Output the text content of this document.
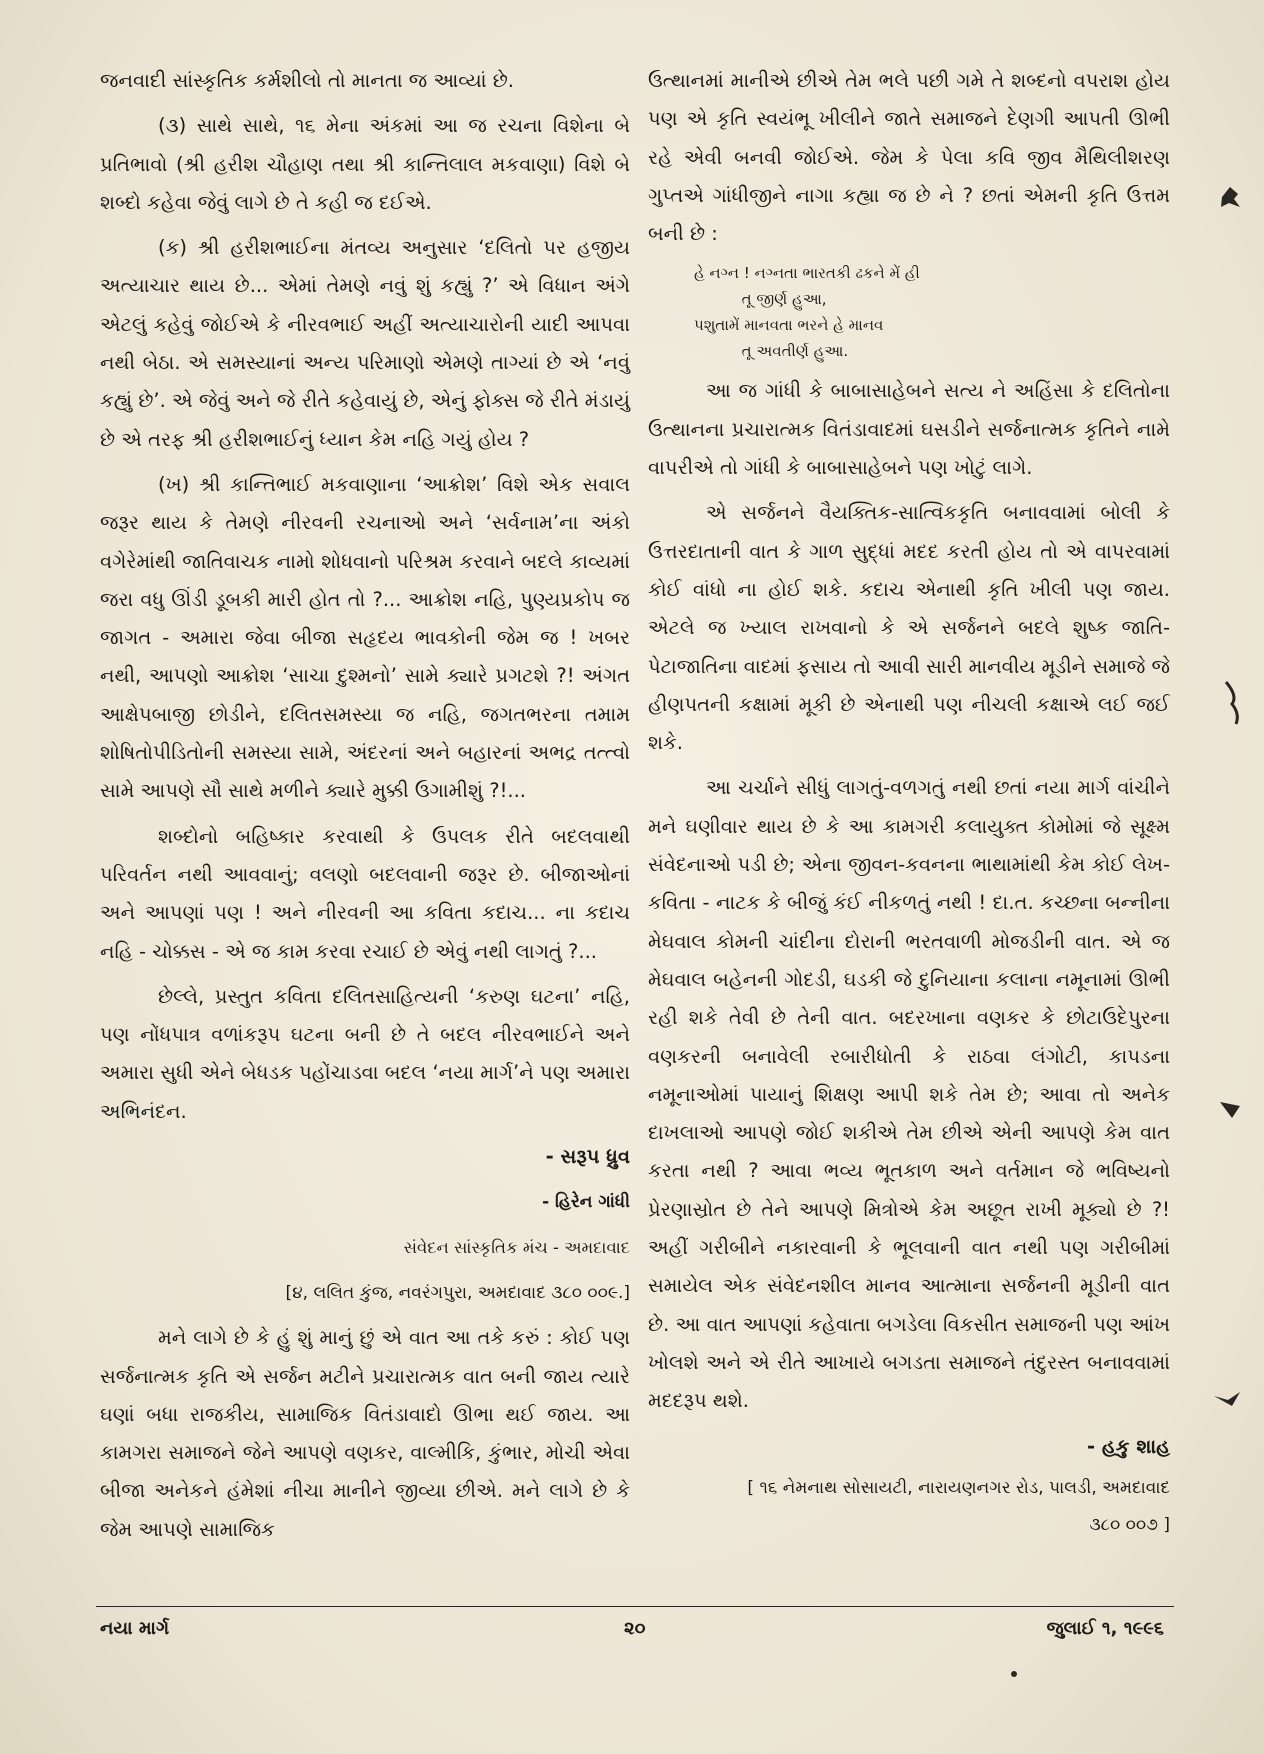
જનવાદી સાંસ્કૃતિક કર્મશીલો તો માનતા જ આવ્યાં છે.

(૩) સાથે સાથે, ૧૬ મેના અંકમાં આ જ રચના વિશેના બે પ્રતિભાવો (શ્રી હરીશ ચૌહાણ તથા શ્રી કાન્તિલાલ મકવાણા) વિશે બે શબ્દો કહેવા જેવું લાગે છે તે કહી જ દઈએ.

(ક) શ્રી હરીશભાઈના મંતવ્ય અનુસાર ‘દલિતો પર હજીય અત્યાચાર થાય છે... એમાં તેમણે નવું શું કહ્યું ?’ એ વિધાન અંગે એટલું કહેવું જોઈએ કે નીરવભાઈ અહીં અત્યાચારોની યાદી આપવા નથી બેઠા. એ સમસ્યાનાં અન્ય પરિમાણો એમણે તાગ્યાં છે એ ‘નવું કહ્યું છે’. એ જેવું અને જે રીતે કહેવાયું છે, એનું ફોક્સ જે રીતે મંડાયું છે એ તરફ શ્રી હરીશભાઈનું ધ્યાન કેમ નહિ ગયું હોય ?

(ખ) શ્રી કાન્તિભાઈ મકવાણાના ‘આક્રોશ’ વિશે એક સવાલ જરૂર થાય કે તેમણે નીરવની રચનાઓ અને ‘સર્વનામ’ના અંકો વગેરેમાંથી જાતિવાચક નામો શોધવાનો પરિશ્રમ કરવાને બદલે કાવ્યમાં જરા વધુ ઊંડી ડૂબકી મારી હોત તો ?... આક્રોશ નહિ, પુણ્યપ્રકોપ જ જાગત - અમારા જેવા બીજા સહૃદય ભાવકોની જેમ જ ! ખબર નથી, આપણો આક્રોશ ‘સાચા દુશ્મનો’ સામે ક્યારે પ્રગટશે ?! અંગત આક્ષેપબાજી છોડીને, દલિતસમસ્યા જ નહિ, જગતભરના તમામ શોષિતોપીડિતોની સમસ્યા સામે, અંદરનાં અને બહારનાં અભદ્ર તત્ત્વો સામે આપણે સૌ સાથે મળીને ક્યારે મુક્કી ઉગામીશું ?!...

શબ્દોનો બહિષ્કાર કરવાથી કે ઉપલક રીતે બદલવાથી પરિવર્તન નથી આવવાનું; વલણો બદલવાની જરૂર છે. બીજાઓનાં અને આપણાં પણ ! અને નીરવની આ કવિતા કદાચ... ના કદાચ નહિ - ચોક્કસ - એ જ કામ કરવા રચાઈ છે એવું નથી લાગતું ?...

છેલ્લે, પ્રસ્તુત કવિતા દલિતસાહિત્યની ‘કરુણ ઘટના’ નહિ, પણ નોંધપાત્ર વળાંકરૂપ ઘટના બની છે તે બદલ નીરવભાઈને અને અમારા સુધી એને બેધડક પહોંચાડવા બદલ ‘નયા માર્ગ’ને પણ અમારા અભિનંદન.

- સરૂપ ધ્રુવ

- હિરેન ગાંધી

સંવેદન સાંસ્કૃતિક મંચ - અમદાવાદ

[૪, લલિત કુંજ, નવરંગપુરા, અમદાવાદ ૩૮૦ ૦૦૯.]

મને લાગે છે કે હું શું માનું છું એ વાત આ તકે કરું : કોઈ પણ સર્જનાત્મક કૃતિ એ સર્જન મટીને પ્રચારાત્મક વાત બની જાય ત્યારે ઘણાં બધા રાજકીય, સામાજિક વિતંડાવાદો ઊભા થઈ જાય. આ કામગરા સમાજને જેને આપણે વણકર, વાલ્મીકિ, કુંભાર, મોચી એવા બીજા અનેકને હંમેશાં નીચા માનીને જીવ્યા છીએ. મને લાગે છે કે જેમ આપણે સામાજિક

ઉત્થાનમાં માનીએ છીએ તેમ ભલે પછી ગમે તે શબ્દનો વપરાશ હોય પણ એ કૃતિ સ્વયંભૂ ખીલીને જાતે સમાજને દેણગી આપતી ઊભી રહે એવી બનવી જોઈએ. જેમ કે પેલા કવિ જીવ મૈથિલીશરણ ગુપ્તએ ગાંધીજીને નાગા કહ્યા જ છે ને ? છતાં એમની કૃતિ ઉત્તમ બની છે :

હે નગ્ન ! નગ્નતા ભારતકી ઢકને મેં હી
તૂ જીર્ણ હુઆ,
પશુતામેં માનવતા ભરને હે માનવ
તૂ અવતીર્ણ હુઆ.

આ જ ગાંધી કે બાબાસાહેબને સત્ય ને અહિંસા કે દલિતોના ઉત્થાનના પ્રચારાત્મક વિતંડાવાદમાં ઘસડીને સર્જનાત્મક કૃતિને નામે વાપરીએ તો ગાંધી કે બાબાસાહેબને પણ ખોટું લાગે.

એ સર્જનને વૈયક્તિક-સાત્વિકકૃતિ બનાવવામાં બોલી કે ઉત્તરદાતાની વાત કે ગાળ સુદ્ધાં મદદ કરતી હોય તો એ વાપરવામાં કોઈ વાંધો ના હોઈ શકે. કદાચ એનાથી કૃતિ ખીલી પણ જાય. એટલે જ ખ્યાલ રાખવાનો કે એ સર્જનને બદલે શુષ્ક જાતિ-પેટાજાતિના વાદમાં ફસાય તો આવી સારી માનવીય મૂડીને સમાજે જે હીણપતની કક્ષામાં મૂકી છે એનાથી પણ નીચલી કક્ષાએ લઈ જઈ શકે.

આ ચર્ચાને સીધું લાગતું-વળગતું નથી છતાં નયા માર્ગ વાંચીને મને ઘણીવાર થાય છે કે આ કામગરી કલાયુક્ત કોમોમાં જે સૂક્ષ્મ સંવેદનાઓ પડી છે; એના જીવન-કવનના ભાથામાંથી કેમ કોઈ લેખ-કવિતા - નાટક કે બીજું કંઈ નીકળતું નથી ! દા.ત. કચ્છના બન્નીના મેઘવાલ કોમની ચાંદીના દોરાની ભરતવાળી મોજડીની વાત. એ જ મેઘવાલ બહેનની ગોદડી, ઘડકી જે દુનિયાના કલાના નમૂનામાં ઊભી રહી શકે તેવી છે તેની વાત. બદરખાના વણકર કે છોટાઉદેપુરના વણકરની બનાવેલી રબારીધોતી કે રાઠવા લંગોટી, કાપડના નમૂનાઓમાં પાયાનું શિક્ષણ આપી શકે તેમ છે; આવા તો અનેક દાખલાઓ આપણે જોઈ શકીએ તેમ છીએ એની આપણે કેમ વાત કરતા નથી ? આવા ભવ્ય ભૂતકાળ અને વર્તમાન જે ભવિષ્યનો પ્રેરણાસ્રોત છે તેને આપણે મિત્રોએ કેમ અછૂત રાખી મૂક્યો છે ?! અહીં ગરીબીને નકારવાની કે ભૂલવાની વાત નથી પણ ગરીબીમાં સમાયેલ એક સંવેદનશીલ માનવ આત્માના સર્જનની મૂડીની વાત છે. આ વાત આપણાં કહેવાતા બગડેલા વિકસીત સમાજની પણ આંખ ખોલશે અને એ રીતે આખાયે બગડતા સમાજને તંદુરસ્ત બનાવવામાં મદદરૂપ થશે.

- હકુ શાહ

[ ૧૬ નેમનાથ સોસાયટી, નારાયણનગર રોડ, પાલડી, અમદાવાદ

૩૮૦ ૦૦૭ ]

નયા માર્ગ	૨૦	જુલાઈ ૧, ૧૯૯૬
